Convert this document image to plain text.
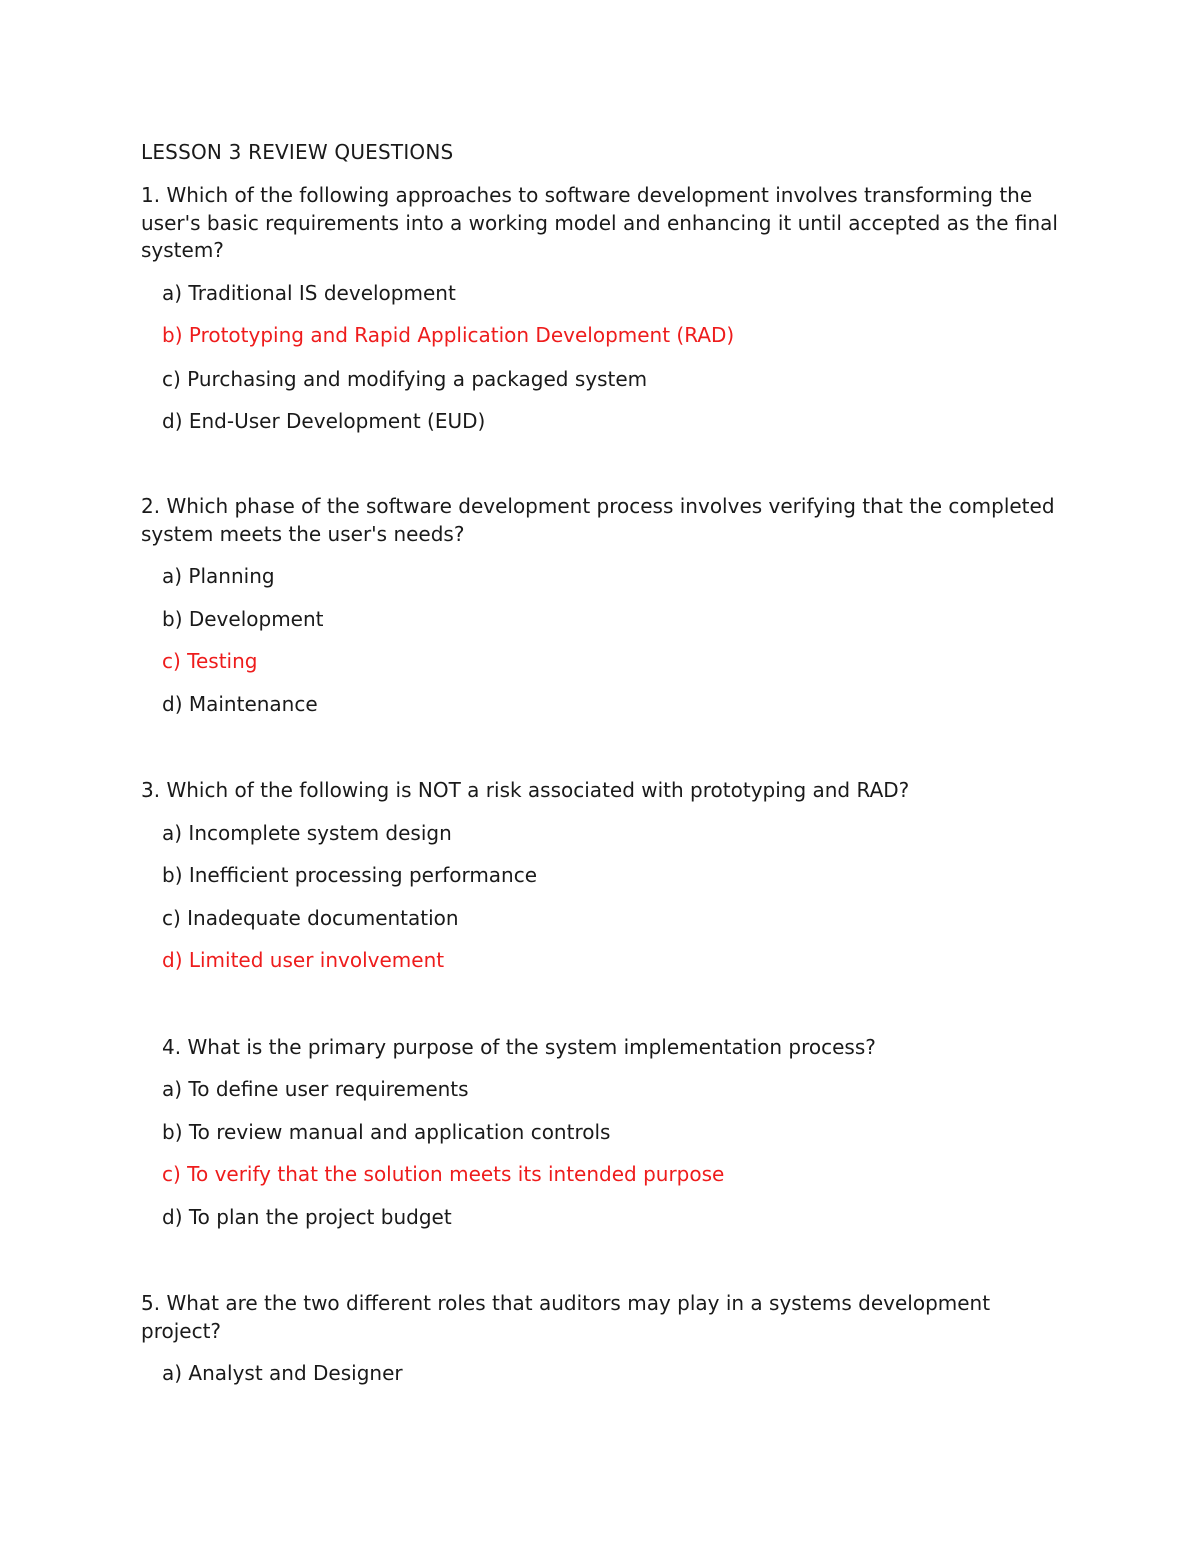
LESSON 3 REVIEW QUESTIONS

1. Which of the following approaches to software development involves transforming the user's basic requirements into a working model and enhancing it until accepted as the final system?

a) Traditional IS development
b) Prototyping and Rapid Application Development (RAD)
c) Purchasing and modifying a packaged system
d) End-User Development (EUD)

2. Which phase of the software development process involves verifying that the completed system meets the user's needs?

a) Planning
b) Development
c) Testing
d) Maintenance

3. Which of the following is NOT a risk associated with prototyping and RAD?

a) Incomplete system design
b) Inefficient processing performance
c) Inadequate documentation
d) Limited user involvement

4. What is the primary purpose of the system implementation process?

a) To define user requirements
b) To review manual and application controls
c) To verify that the solution meets its intended purpose
d) To plan the project budget

5. What are the two different roles that auditors may play in a systems development project?

a) Analyst and Designer
